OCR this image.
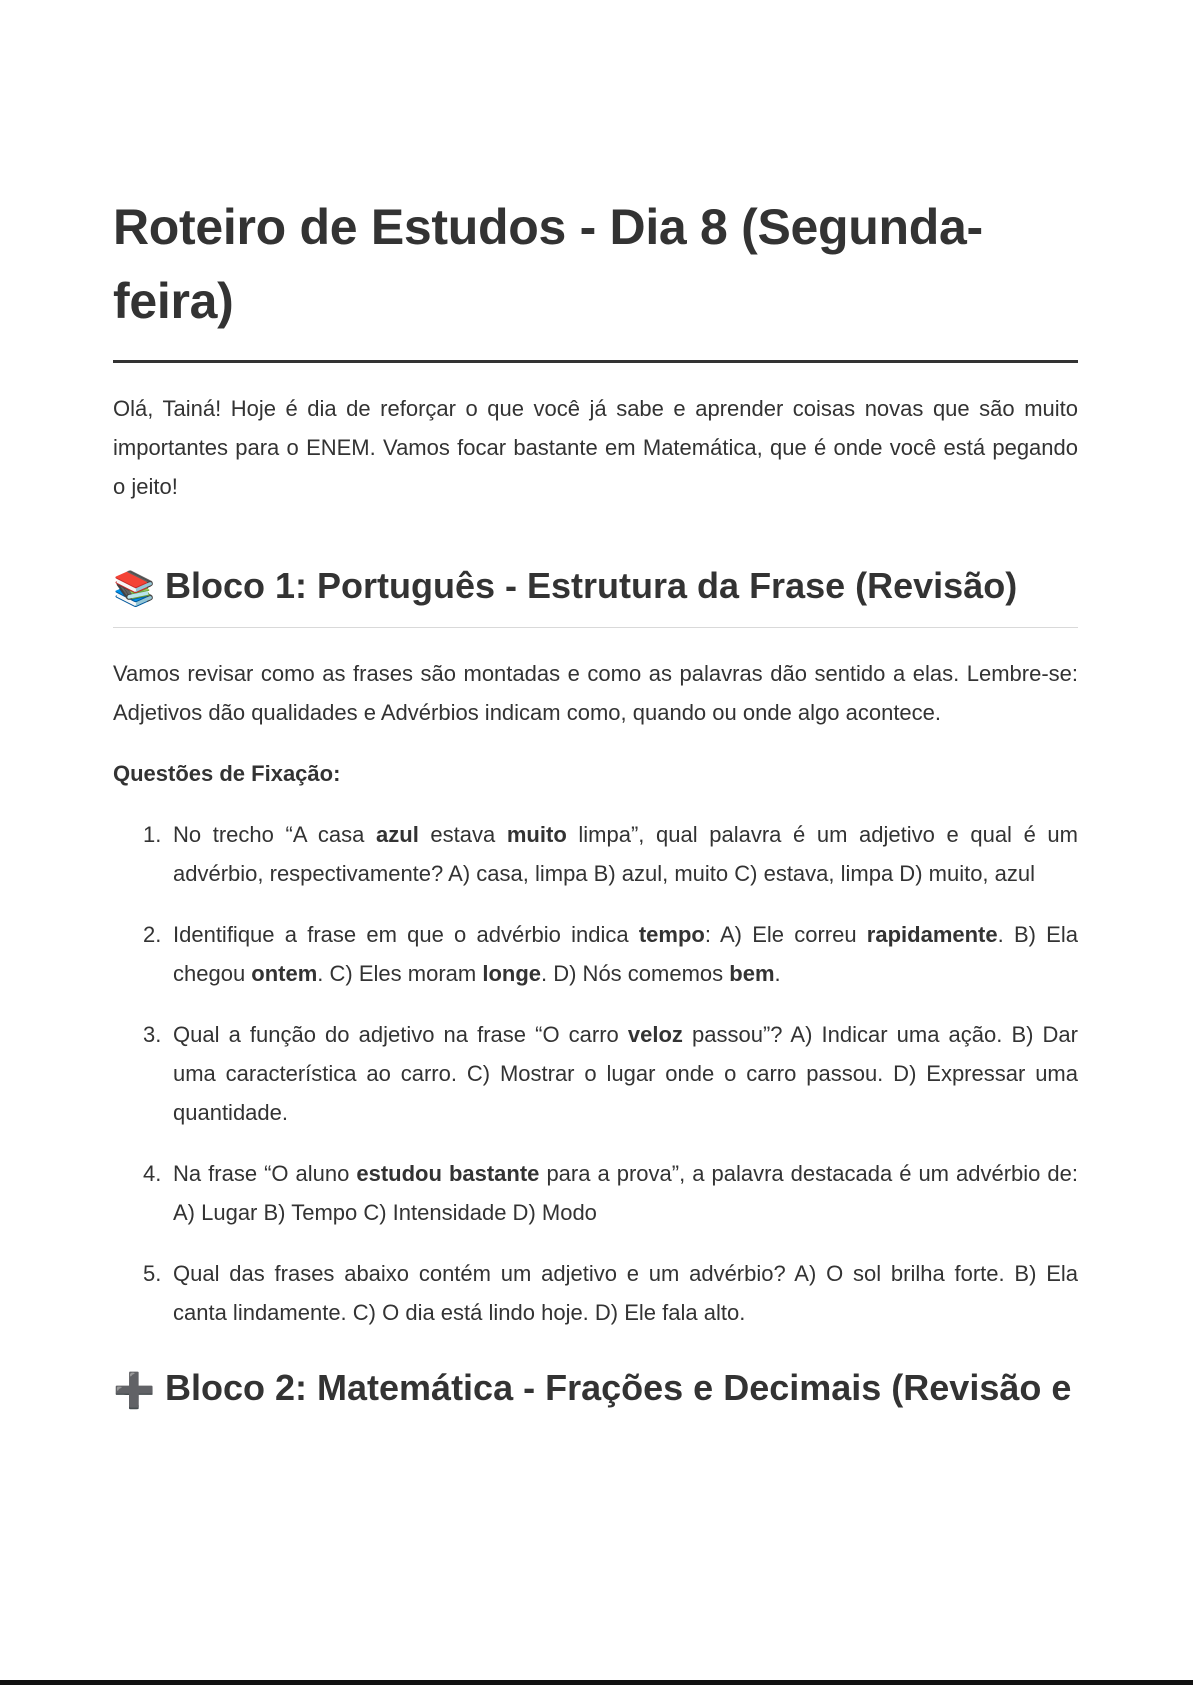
Roteiro de Estudos - Dia 8 (Segunda-feira)

Olá, Tainá! Hoje é dia de reforçar o que você já sabe e aprender coisas novas que são muito importantes para o ENEM. Vamos focar bastante em Matemática, que é onde você está pegando o jeito!

📚 Bloco 1: Português - Estrutura da Frase (Revisão)

Vamos revisar como as frases são montadas e como as palavras dão sentido a elas. Lembre-se: Adjetivos dão qualidades e Advérbios indicam como, quando ou onde algo acontece.

Questões de Fixação:

1. No trecho “A casa azul estava muito limpa”, qual palavra é um adjetivo e qual é um advérbio, respectivamente? A) casa, limpa B) azul, muito C) estava, limpa D) muito, azul
2. Identifique a frase em que o advérbio indica tempo: A) Ele correu rapidamente. B) Ela chegou ontem. C) Eles moram longe. D) Nós comemos bem.
3. Qual a função do adjetivo na frase “O carro veloz passou”? A) Indicar uma ação. B) Dar uma característica ao carro. C) Mostrar o lugar onde o carro passou. D) Expressar uma quantidade.
4. Na frase “O aluno estudou bastante para a prova”, a palavra destacada é um advérbio de: A) Lugar B) Tempo C) Intensidade D) Modo
5. Qual das frases abaixo contém um adjetivo e um advérbio? A) O sol brilha forte. B) Ela canta lindamente. C) O dia está lindo hoje. D) Ele fala alto.
➕ Bloco 2: Matemática - Frações e Decimais (Revisão e
